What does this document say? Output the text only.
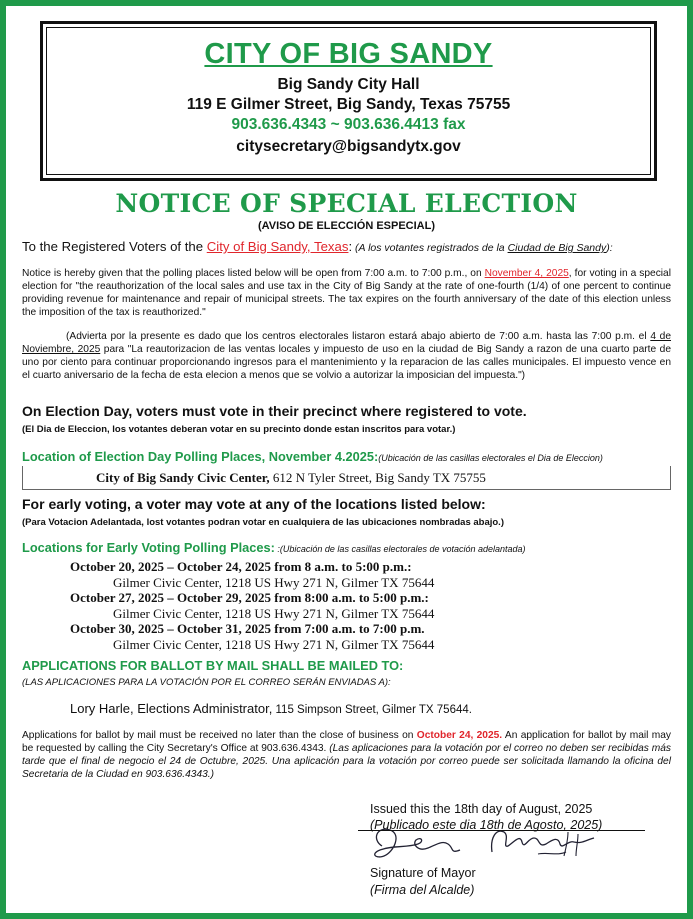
CITY OF BIG SANDY
Big Sandy City Hall
119 E Gilmer Street, Big Sandy, Texas 75755
903.636.4343 ~ 903.636.4413 fax
citysecretary@bigsandytx.gov
NOTICE OF SPECIAL ELECTION
(AVISO DE ELECCIÓN ESPECIAL)
To the Registered Voters of the City of Big Sandy, Texas: (A los votantes registrados de la Ciudad de Big Sandy):
Notice is hereby given that the polling places listed below will be open from 7:00 a.m. to 7:00 p.m., on November 4, 2025, for voting in a special election for "the reauthorization of the local sales and use tax in the City of Big Sandy at the rate of one-fourth (1/4) of one percent to continue providing revenue for maintenance and repair of municipal streets. The tax expires on the fourth anniversary of the date of this election unless the imposition of the tax is reauthorized."
(Advierta por la presente es dado que los centros electorales listaron estará abajo abierto de 7:00 a.m. hasta las 7:00 p.m. el 4 de Noviembre, 2025 para "La reautorizacion de las ventas locales y impuesto de uso en la ciudad de Big Sandy a razon de una cuarto parte de uno por ciento para continuar proporcionando ingresos para el mantenimiento y la reparacion de las calles municipales. El impuesto vence en el cuarto aniversario de la fecha de esta elecion a menos que se volvio a autorizar la imposician del impuesta.")
On Election Day, voters must vote in their precinct where registered to vote.
(El Dia de Eleccion, los votantes deberan votar en su precinto donde estan inscritos para votar.)
Location of Election Day Polling Places, November 4.2025:(Ubicación de las casillas electorales el Dia de Eleccion)
City of Big Sandy Civic Center, 612 N Tyler Street, Big Sandy TX 75755
For early voting, a voter may vote at any of the locations listed below:
(Para Votacion Adelantada, lost votantes podran votar en cualquiera de las ubicaciones nombradas abajo.)
Locations for Early Voting Polling Places: :(Ubicación de las casillas electorales de votación adelantada)
October 20, 2025 – October 24, 2025 from 8 a.m. to 5:00 p.m.:
Gilmer Civic Center, 1218 US Hwy 271 N, Gilmer TX 75644
October 27, 2025 – October 29, 2025 from 8:00 a.m. to 5:00 p.m.:
Gilmer Civic Center, 1218 US Hwy 271 N, Gilmer TX 75644
October 30, 2025 – October 31, 2025 from 7:00 a.m. to 7:00 p.m.
Gilmer Civic Center, 1218 US Hwy 271 N, Gilmer TX 75644
APPLICATIONS FOR BALLOT BY MAIL SHALL BE MAILED TO:
(LAS APLICACIONES PARA LA VOTACIÓN POR EL CORREO SERÁN ENVIADAS A):
Lory Harle, Elections Administrator, 115 Simpson Street, Gilmer TX 75644.
Applications for ballot by mail must be received no later than the close of business on October 24, 2025. An application for ballot by mail may be requested by calling the City Secretary's Office at 903.636.4343. (Las aplicaciones para la votación por el correo no deben ser recibidas más tarde que el final de negocio el 24 de Octubre, 2025. Una aplicación para la votación por correo puede ser solicitada llamando la oficina del Secretaria de la Ciudad en 903.636.4343.)
Issued this the 18th day of August, 2025
(Publicado este dia 18th de Agosto, 2025)
Signature of Mayor
(Firma del Alcalde)
